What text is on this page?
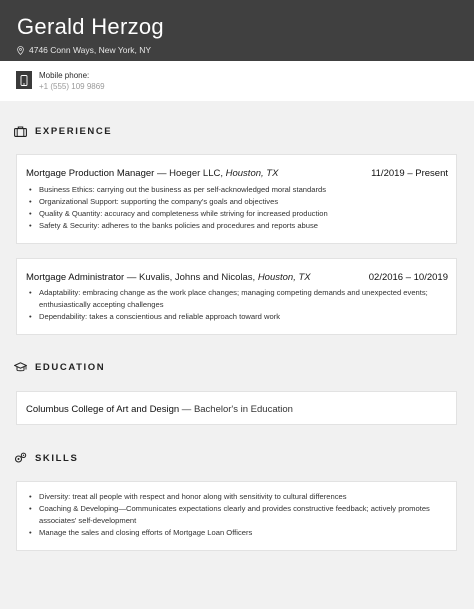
Gerald Herzog
4746 Conn Ways, New York, NY
Mobile phone:
+1 (555) 109 9869
EXPERIENCE
Mortgage Production Manager — Hoeger LLC, Houston, TX	11/2019 – Present
• Business Ethics: carrying out the business as per self-acknowledged moral standards
• Organizational Support: supporting the company's goals and objectives
• Quality & Quantity: accuracy and completeness while striving for increased production
• Safety & Security: adheres to the banks policies and procedures and reports abuse
Mortgage Administrator — Kuvalis, Johns and Nicolas, Houston, TX	02/2016 – 10/2019
• Adaptability: embracing change as the work place changes; managing competing demands and unexpected events; enthusiastically accepting challenges
• Dependability: takes a conscientious and reliable approach toward work
EDUCATION
Columbus College of Art and Design — Bachelor's in Education
SKILLS
• Diversity: treat all people with respect and honor along with sensitivity to cultural differences
• Coaching & Developing—Communicates expectations clearly and provides constructive feedback; actively promotes associates' self-development
• Manage the sales and closing efforts of Mortgage Loan Officers
